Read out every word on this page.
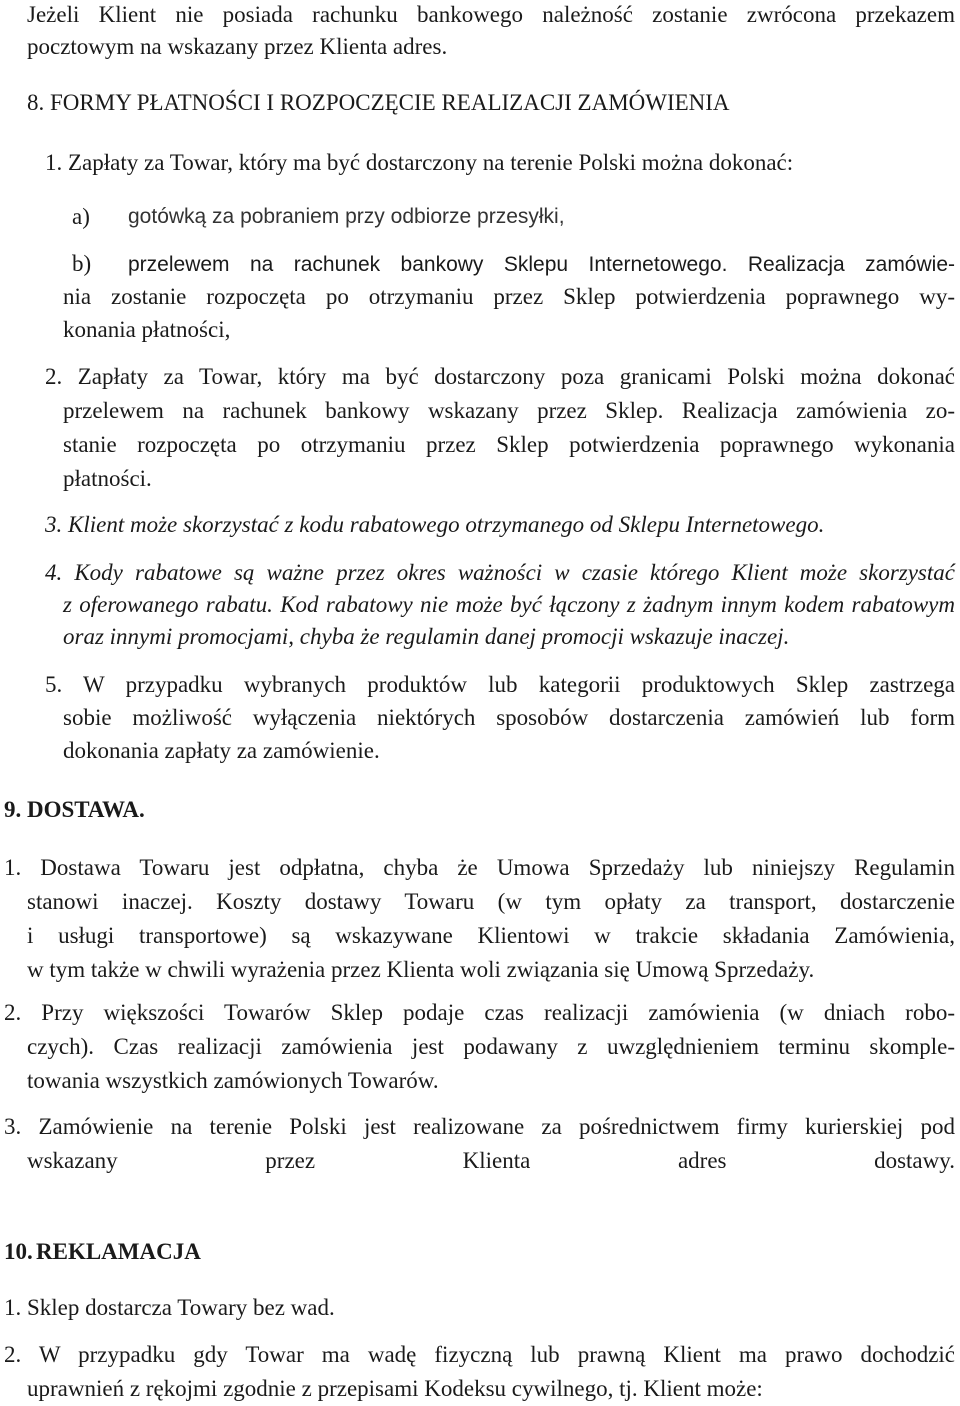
Jeżeli Klient nie posiada rachunku bankowego należność zostanie zwrócona przekazem
pocztowym na wskazany przez Klienta adres.
8. FORMY PŁATNOŚCI I ROZPOCZĘCIE REALIZACJI ZAMÓWIENIA
1. Zapłaty za Towar, który ma być dostarczony na terenie Polski można dokonać:
a) gotówką za pobraniem przy odbiorze przesyłki,
b) przelewem na rachunek bankowy Sklepu Internetowego. Realizacja zamówie-
nia zostanie rozpoczęta po otrzymaniu przez Sklep potwierdzenia poprawnego wy-
konania płatności,
2. Zapłaty za Towar, który ma być dostarczony poza granicami Polski można dokonać
przelewem na rachunek bankowy wskazany przez Sklep. Realizacja zamówienia zo-
stanie rozpoczęta po otrzymaniu przez Sklep potwierdzenia poprawnego wykonania
płatności.
3. Klient może skorzystać z kodu rabatowego otrzymanego od Sklepu Internetowego.
4. Kody rabatowe są ważne przez okres ważności w czasie którego Klient może skorzystać
z oferowanego rabatu. Kod rabatowy nie może być łączony z żadnym innym kodem rabatowym
oraz innymi promocjami, chyba że regulamin danej promocji wskazuje inaczej.
5. W przypadku wybranych produktów lub kategorii produktowych Sklep zastrzega
sobie możliwość wyłączenia niektórych sposobów dostarczenia zamówień lub form
dokonania zapłaty za zamówienie.
9. DOSTAWA.
1. Dostawa Towaru jest odpłatna, chyba że Umowa Sprzedaży lub niniejszy Regulamin
stanowi inaczej. Koszty dostawy Towaru (w tym opłaty za transport, dostarczenie
i usługi transportowe) są wskazywane Klientowi w trakcie składania Zamówienia,
w tym także w chwili wyrażenia przez Klienta woli związania się Umową Sprzedaży.
2. Przy większości Towarów Sklep podaje czas realizacji zamówienia (w dniach robo-
czych). Czas realizacji zamówienia jest podawany z uwzględnieniem terminu skomple-
towania wszystkich zamówionych Towarów.
3. Zamówienie na terenie Polski jest realizowane za pośrednictwem firmy kurierskiej pod
wskazany przez Klienta adres dostawy.
10. REKLAMACJA
1. Sklep dostarcza Towary bez wad.
2. W przypadku gdy Towar ma wadę fizyczną lub prawną Klient ma prawo dochodzić
uprawnień z rękojmi zgodnie z przepisami Kodeksu cywilnego, tj. Klient może:
